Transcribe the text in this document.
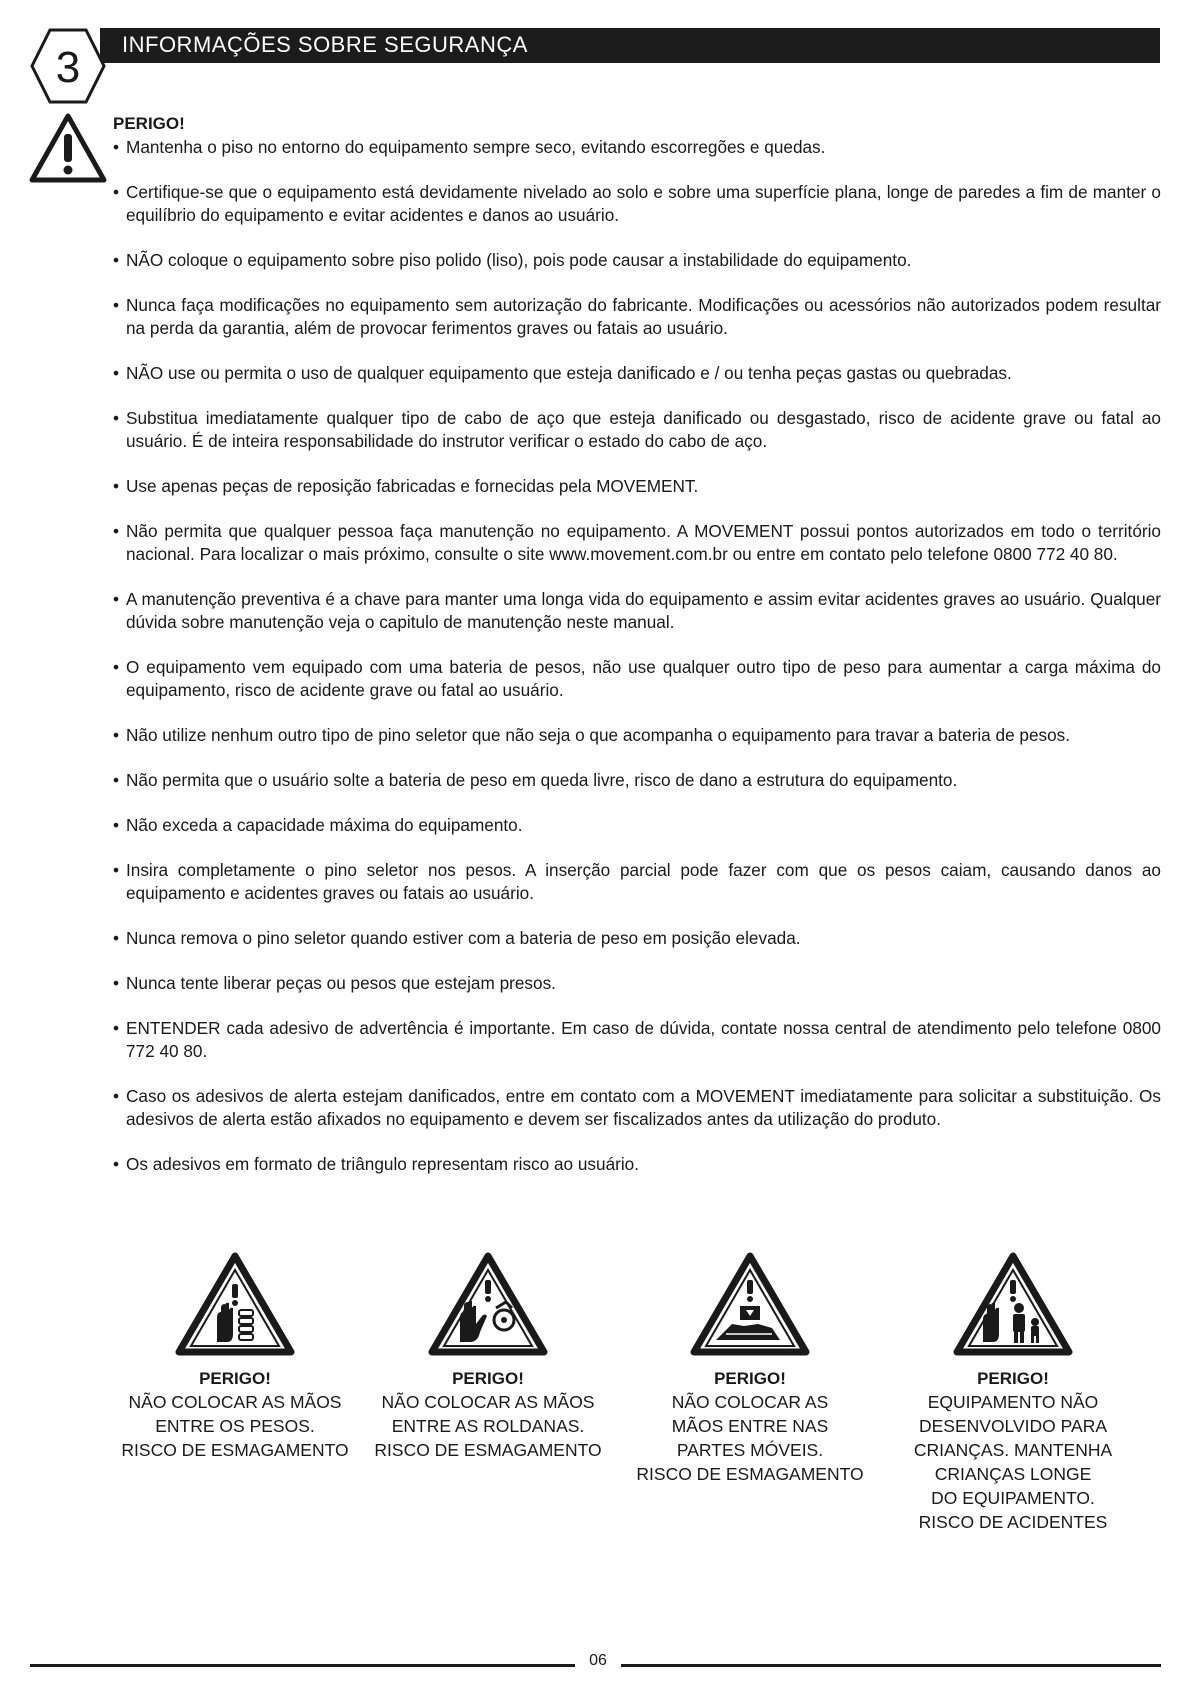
3 INFORMAÇÕES SOBRE SEGURANÇA
PERIGO!
• Mantenha o piso no entorno do equipamento sempre seco, evitando escorregões e quedas.
• Certifique-se que o equipamento está devidamente nivelado ao solo e sobre uma superfície plana, longe de paredes a fim de manter o equilíbrio do equipamento e evitar acidentes e danos ao usuário.
• NÃO coloque o equipamento sobre piso polido (liso), pois pode causar a instabilidade do equipamento.
• Nunca faça modificações no equipamento sem autorização do fabricante. Modificações ou acessórios não autorizados podem resultar na perda da garantia, além de provocar ferimentos graves ou fatais ao usuário.
• NÃO use ou permita o uso de qualquer equipamento que esteja danificado e / ou tenha peças gastas ou quebradas.
• Substitua imediatamente qualquer tipo de cabo de aço que esteja danificado ou desgastado, risco de acidente grave ou fatal ao usuário. É de inteira responsabilidade do instrutor verificar o estado do cabo de aço.
• Use apenas peças de reposição fabricadas e fornecidas pela MOVEMENT.
• Não permita que qualquer pessoa faça manutenção no equipamento. A MOVEMENT possui pontos autorizados em todo o território nacional. Para localizar o mais próximo, consulte o site www.movement.com.br ou entre em contato pelo telefone 0800 772 40 80.
• A manutenção preventiva é a chave para manter uma longa vida do equipamento e assim evitar acidentes graves ao usuário. Qualquer dúvida sobre manutenção veja o capitulo de manutenção neste manual.
• O equipamento vem equipado com uma bateria de pesos, não use qualquer outro tipo de peso para aumentar a carga máxima do equipamento, risco de acidente grave ou fatal ao usuário.
• Não utilize nenhum outro tipo de pino seletor que não seja o que acompanha o equipamento para travar a bateria de pesos.
• Não permita que o usuário solte a bateria de peso em queda livre, risco de dano a estrutura do equipamento.
• Não exceda a capacidade máxima do equipamento.
• Insira completamente o pino seletor nos pesos. A inserção parcial pode fazer com que os pesos caiam, causando danos ao equipamento e acidentes graves ou fatais ao usuário.
• Nunca remova o pino seletor quando estiver com a bateria de peso em posição elevada.
• Nunca tente liberar peças ou pesos que estejam presos.
• ENTENDER cada adesivo de advertência é importante. Em caso de dúvida, contate nossa central de atendimento pelo telefone 0800 772 40 80.
• Caso os adesivos de alerta estejam danificados, entre em contato com a MOVEMENT imediatamente para solicitar a substituição. Os adesivos de alerta estão afixados no equipamento e devem ser fiscalizados antes da utilização do produto.
• Os adesivos em formato de triângulo representam risco ao usuário.
PERIGO!
NÃO COLOCAR AS MÃOS
ENTRE OS PESOS.
RISCO DE ESMAGAMENTO
PERIGO!
NÃO COLOCAR AS MÃOS
ENTRE AS ROLDANAS.
RISCO DE ESMAGAMENTO
PERIGO!
NÃO COLOCAR AS
MÃOS ENTRE NAS
PARTES MÓVEIS.
RISCO DE ESMAGAMENTO
PERIGO!
EQUIPAMENTO NÃO
DESENVOLVIDO PARA
CRIANÇAS. MANTENHA
CRIANÇAS LONGE
DO EQUIPAMENTO.
RISCO DE ACIDENTES
06
